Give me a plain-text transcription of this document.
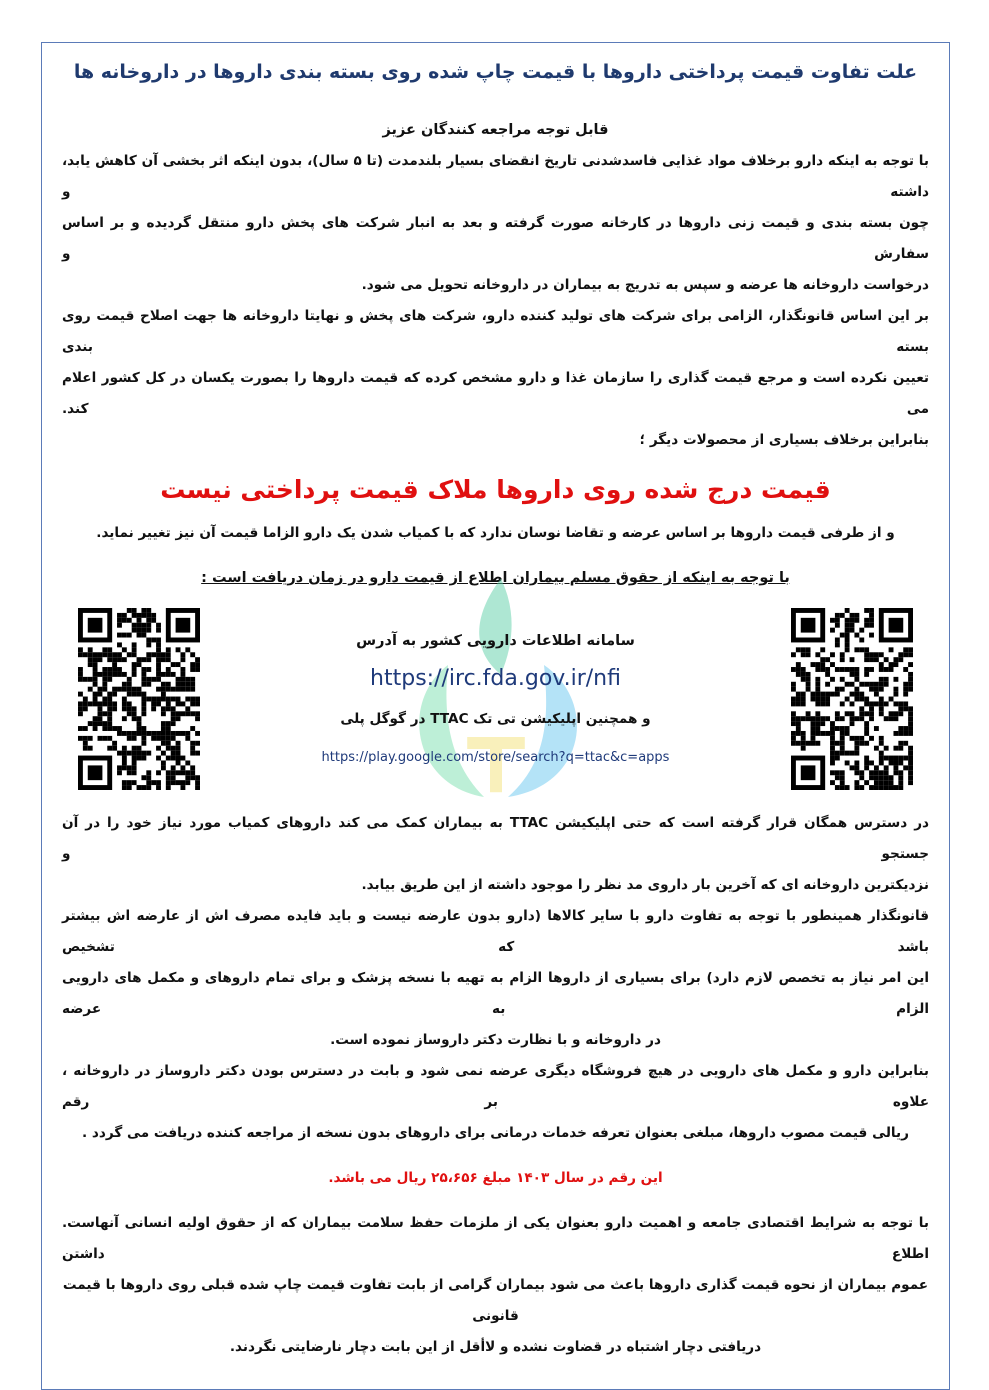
علت تفاوت قیمت پرداختی داروها با قیمت چاپ شده روی بسته بندی داروها در داروخانه ها
قابل توجه مراجعه کنندگان عزیز
با توجه به اینکه دارو برخلاف مواد غذایی فاسدشدنی تاریخ انقضای بسیار بلندمدت (تا ۵ سال)، بدون اینکه اثر بخشی آن کاهش یابد، داشته و
چون بسته بندی و قیمت زنی داروها در کارخانه صورت گرفته و بعد به انبار شرکت های پخش دارو منتقل گردیده و بر اساس سفارش و
درخواست داروخانه ها عرضه و سپس به تدریج به بیماران در داروخانه تحویل می شود.
بر این اساس قانونگذار، الزامی برای شرکت های تولید کننده دارو، شرکت های پخش و نهایتا داروخانه ها جهت اصلاح قیمت روی بسته بندی
تعیین نکرده است و مرجع قیمت گذاری را سازمان غذا و دارو مشخص کرده که قیمت داروها را بصورت یکسان در کل کشور اعلام می کند.
بنابراین برخلاف بسیاری از محصولات دیگر ؛
قیمت درج شده روی داروها ملاک قیمت پرداختی نیست
و از طرفی قیمت داروها بر اساس عرضه و تقاضا نوسان ندارد که با کمیاب شدن یک دارو الزاما قیمت آن نیز تغییر نماید.
با توجه به اینکه از حقوق مسلم بیماران اطلاع از قیمت دارو در زمان دریافت است :
سامانه اطلاعات دارویی کشور به آدرس
https://irc.fda.gov.ir/nfi
و همچنین اپلیکیشن تی تک TTAC در گوگل پلی
https://play.google.com/store/search?q=ttac&c=apps
در دسترس همگان قرار گرفته است که حتی اپلیکیشن TTAC به بیماران کمک می کند داروهای کمیاب مورد نیاز خود را در آن جستجو و
نزدیکترین داروخانه ای که آخرین بار داروی مد نظر را موجود داشته از این طریق بیابد.
قانونگذار همینطور با توجه به تفاوت دارو با سایر کالاها (دارو بدون عارضه نیست و باید فایده مصرف اش از عارضه اش بیشتر باشد که تشخیص
این امر نیاز به تخصص لازم دارد) برای بسیاری از داروها الزام به تهیه با نسخه پزشک و برای تمام داروهای و مکمل های دارویی الزام به عرضه
در داروخانه و با نظارت دکتر داروساز نموده است.
بنابراین دارو و مکمل های دارویی در هیچ فروشگاه دیگری عرضه نمی شود و بابت در دسترس بودن دکتر داروساز در داروخانه ، علاوه بر رقم
ریالی قیمت مصوب داروها، مبلغی بعنوان تعرفه خدمات درمانی برای داروهای بدون نسخه از مراجعه کننده دریافت می گردد .
این رقم در سال ۱۴۰۳ مبلغ ۲۵،۶۵۶ ریال می باشد.
با توجه به شرایط اقتصادی جامعه و اهمیت دارو بعنوان یکی از ملزمات حفظ سلامت بیماران که از حقوق اولیه انسانی آنهاست. اطلاع داشتن
عموم بیماران از نحوه قیمت گذاری داروها باعث می شود بیماران گرامی از بابت تفاوت قیمت چاپ شده قبلی روی داروها با قیمت قانونی
دریافتی دچار اشتباه در قضاوت نشده و لاأقل از این بابت دچار نارضایتی نگردند.
